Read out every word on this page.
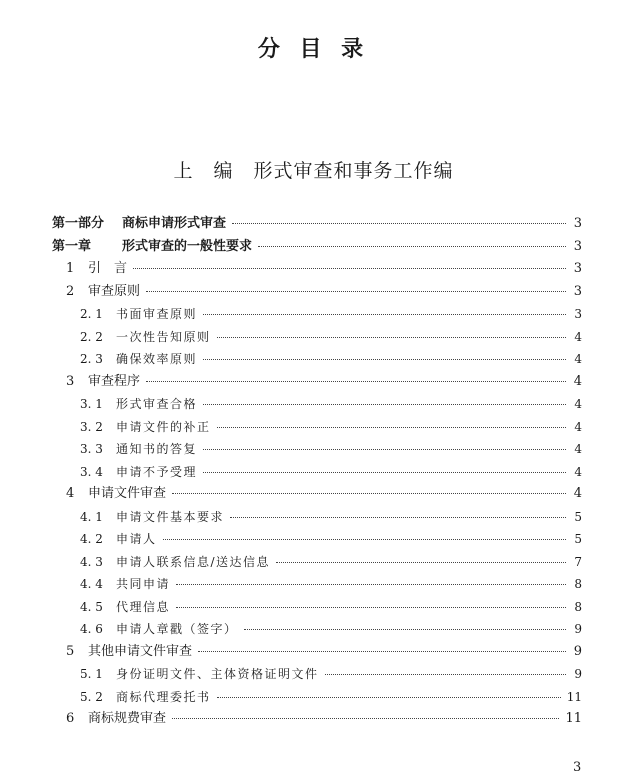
分 目 录
上　编　形式审查和事务工作编
第一部分	商标申请形式审查	3
第一章	形式审查的一般性要求	3
1	引　言	3
2	审查原则	3
2. 1	书面审查原则	3
2. 2	一次性告知原则	4
2. 3	确保效率原则	4
3	审查程序	4
3. 1	形式审查合格	4
3. 2	申请文件的补正	4
3. 3	通知书的答复	4
3. 4	申请不予受理	4
4	申请文件审查	4
4. 1	申请文件基本要求	5
4. 2	申请人	5
4. 3	申请人联系信息/送达信息	7
4. 4	共同申请	8
4. 5	代理信息	8
4. 6	申请人章戳（签字）	9
5	其他申请文件审查	9
5. 1	身份证明文件、主体资格证明文件	9
5. 2	商标代理委托书	11
6	商标规费审查	11
3
